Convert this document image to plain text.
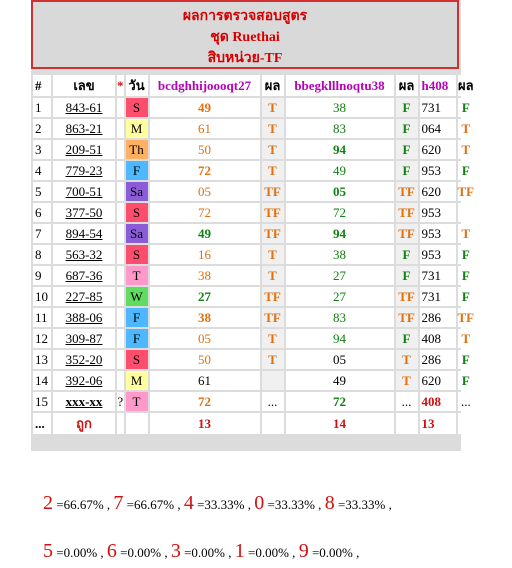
ผลการตรวจสอบสูตร
ชุด Ruethai
สิบหน่วย-TF
#	เลข	*	วัน	bcdghhijoooqt27	ผล	bbegklllnoqtu38	ผล	h408	ผล
1	843-61		S	49	T	38	F	731	F
2	863-21		M	61	T	83	F	064	T
3	209-51		Th	50	T	94	F	620	T
4	779-23		F	72	T	49	F	953	F
5	700-51		Sa	05	TF	05	TF	620	TF
6	377-50		S	72	TF	72	TF	953	
7	894-54		Sa	49	TF	94	TF	953	T
8	563-32		S	16	T	38	F	953	F
9	687-36		T	38	T	27	F	731	F
10	227-85		W	27	TF	27	TF	731	F
11	388-06		F	38	TF	83	TF	286	TF
12	309-87		F	05	T	94	F	408	T
13	352-20		S	50	T	05	T	286	F
14	392-06		M	61		49	T	620	F
15	xxx-xx	?	T	72	...	72	...	408	...
...	ถูก			13		14		13	
2 =66.67% , 7 =66.67% , 4 =33.33% , 0 =33.33% , 8 =33.33% ,
5 =0.00% , 6 =0.00% , 3 =0.00% , 1 =0.00% , 9 =0.00% ,
